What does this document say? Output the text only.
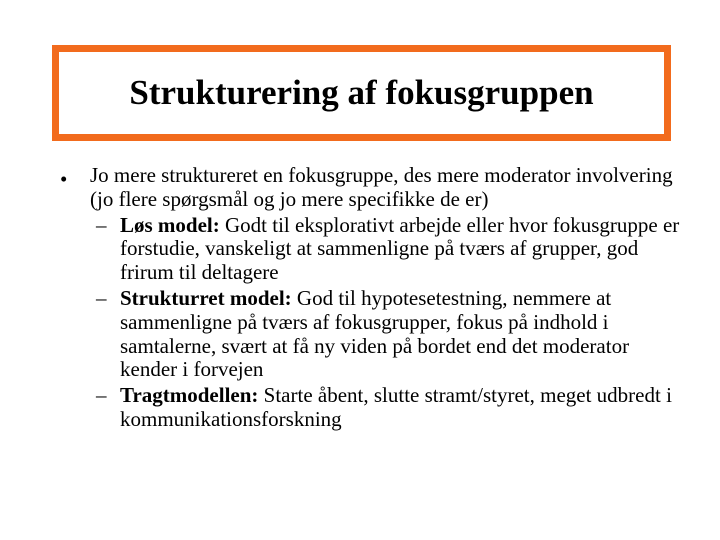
Strukturering af fokusgruppen
• Jo mere struktureret en fokusgruppe, des mere moderator involvering (jo flere spørgsmål og jo mere specifikke de er)
– Løs model: Godt til eksplorativt arbejde eller hvor fokusgruppe er forstudie, vanskeligt at sammenligne på tværs af grupper, god frirum til deltagere
– Strukturret model: God til hypotesetestning, nemmere at sammenligne på tværs af fokusgrupper, fokus på indhold i samtalerne, svært at få ny viden på bordet end det moderator kender i forvejen
– Tragtmodellen: Starte åbent, slutte stramt/styret, meget udbredt i kommunikationsforskning
